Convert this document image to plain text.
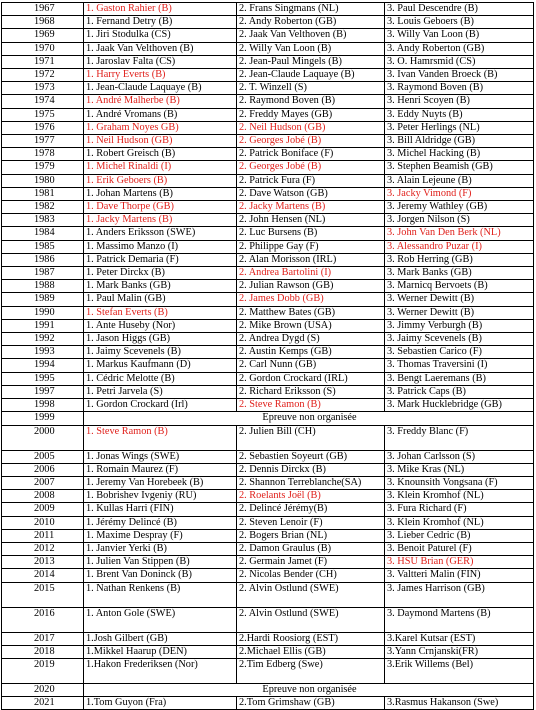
1967	1. Gaston Rahier (B)	2. Frans Singmans (NL)	3. Paul Descendre (B)
1968	1. Fernand Detry (B)	2. Andy Roberton (GB)	3. Louis Geboers (B)
1969	1. Jiri Stodulka (CS)	2. Jaak Van Velthoven (B)	3. Willy Van Loon (B)
1970	1. Jaak Van Velthoven (B)	2. Willy Van Loon (B)	3. Andy Roberton (GB)
1971	1. Jaroslav Falta (CS)	2. Jean-Paul Mingels (B)	3. O. Hamrsmid (CS)
1972	1. Harry Everts (B)	2. Jean-Claude Laquaye (B)	3. Ivan Vanden Broeck (B)
1973	1. Jean-Claude Laquaye (B)	2. T. Winzell (S)	3. Raymond Boven (B)
1974	1. André Malherbe (B)	2. Raymond Boven (B)	3. Henri Scoyen (B)
1975	1. André Vromans (B)	2. Freddy Mayes (GB)	3. Eddy Nuyts (B)
1976	1. Graham Noyes GB)	2. Neil Hudson (GB)	3. Peter Herlings (NL)
1977	1. Neil Hudson (GB)	2. Georges Jobé (B)	3. Bill Aldridge (GB)
1978	1. Robert Greisch (B)	2. Patrick Boniface (F)	3. Michel Hacking (B)
1979	1. Michel Rinaldi (I)	2. Georges Jobé (B)	3. Stephen Beamish (GB)
1980	1. Erik Geboers (B)	2. Patrick Fura (F)	3. Alain Lejeune (B)
1981	1. Johan Martens (B)	2. Dave Watson (GB)	3. Jacky Vimond (F)
1982	1. Dave Thorpe (GB)	2. Jacky Martens (B)	3. Jeremy Wathley (GB)
1983	1. Jacky Martens (B)	2. John Hensen (NL)	3. Jorgen Nilson (S)
1984	1. Anders Eriksson (SWE)	2. Luc Bursens (B)	3. John Van Den Berk (NL)
1985	1. Massimo Manzo (I)	2. Philippe Gay (F)	3. Alessandro Puzar (I)
1986	1. Patrick Demaria (F)	2. Alan Morisson (IRL)	3. Rob Herring (GB)
1987	1. Peter Dirckx (B)	2. Andrea Bartolini (I)	3. Mark Banks (GB)
1988	1. Mark Banks (GB)	2. Julian Rawson (GB)	3. Marnicq Bervoets (B)
1989	1. Paul Malin (GB)	2. James Dobb (GB)	3. Werner Dewitt (B)
1990	1. Stefan Everts (B)	2. Matthew Bates (GB)	3. Werner Dewitt (B)
1991	1. Ante Huseby (Nor)	2. Mike Brown (USA)	3. Jimmy Verburgh (B)
1992	1. Jason Higgs (GB)	2. Andrea Dygd (S)	3. Jaimy Scevenels (B)
1993	1. Jaimy Scevenels (B)	2. Austin Kemps (GB)	3. Sebastien Carico (F)
1994	1. Markus Kaufmann (D)	2. Carl Nunn (GB)	3. Thomas Traversini (I)
1995	1. Cédric Melotte (B)	2. Gordon Crockard (IRL)	3. Bengt Laeremans (B)
1997	1. Petri Jarvela (S)	2. Richard Eriksson (S)	3. Patrick Caps (B)
1998	1. Gordon Crockard (Irl)	2. Steve Ramon (B)	3. Mark Hucklebridge (GB)
1999	Epreuve non organisée		
2000	1. Steve Ramon (B)	2. Julien Bill (CH)	3. Freddy Blanc (F)
2005	1. Jonas Wings (SWE)	2. Sebastien Soyeurt (GB)	3. Johan Carlsson (S)
2006	1. Romain Maurez (F)	2. Dennis Dirckx (B)	3. Mike Kras (NL)
2007	1. Jeremy Van Horebeek (B)	2. Shannon Terreblanche(SA)	3. Knounsith Vongsana (F)
2008	1. Bobrishev Ivgeniy (RU)	2. Roelants Joël (B)	3. Klein Kromhof (NL)
2009	1. Kullas Harri (FIN)	2. Delincé Jérémy(B)	3. Fura Richard (F)
2010	1. Jérémy Delincé (B)	2. Steven Lenoir (F)	3. Klein Kromhof (NL)
2011	1. Maxime Despray (F)	2. Bogers Brian (NL)	3. Lieber Cedric (B)
2012	1. Janvier Yerki (B)	2. Damon Graulus (B)	3. Benoit Paturel (F)
2013	1. Julien Van Stippen (B)	2. Germain Jamet (F)	3. HSU Brian (GER)
2014	1. Brent Van Doninck (B)	2. Nicolas Bender (CH)	3. Valtteri Malin (FIN)
2015	1. Nathan Renkens (B)	2. Alvin Ostlund (SWE)	3. James Harrison (GB)
2016	1. Anton Gole (SWE)	2. Alvin Ostlund (SWE)	3. Daymond Martens (B)
2017	1.Josh Gilbert (GB)	2.Hardi Roosiorg (EST)	3.Karel Kutsar (EST)
2018	1.Mikkel Haarup (DEN)	2.Michael Ellis (GB)	3.Yann Crnjanski(FR)
2019	1.Hakon Frederiksen (Nor)	2.Tim Edberg (Swe)	3.Erik Willems (Bel)
2020	Epreuve non organisée		
2021	1.Tom Guyon (Fra)	2.Tom Grimshaw (GB)	3.Rasmus Hakanson (Swe)
